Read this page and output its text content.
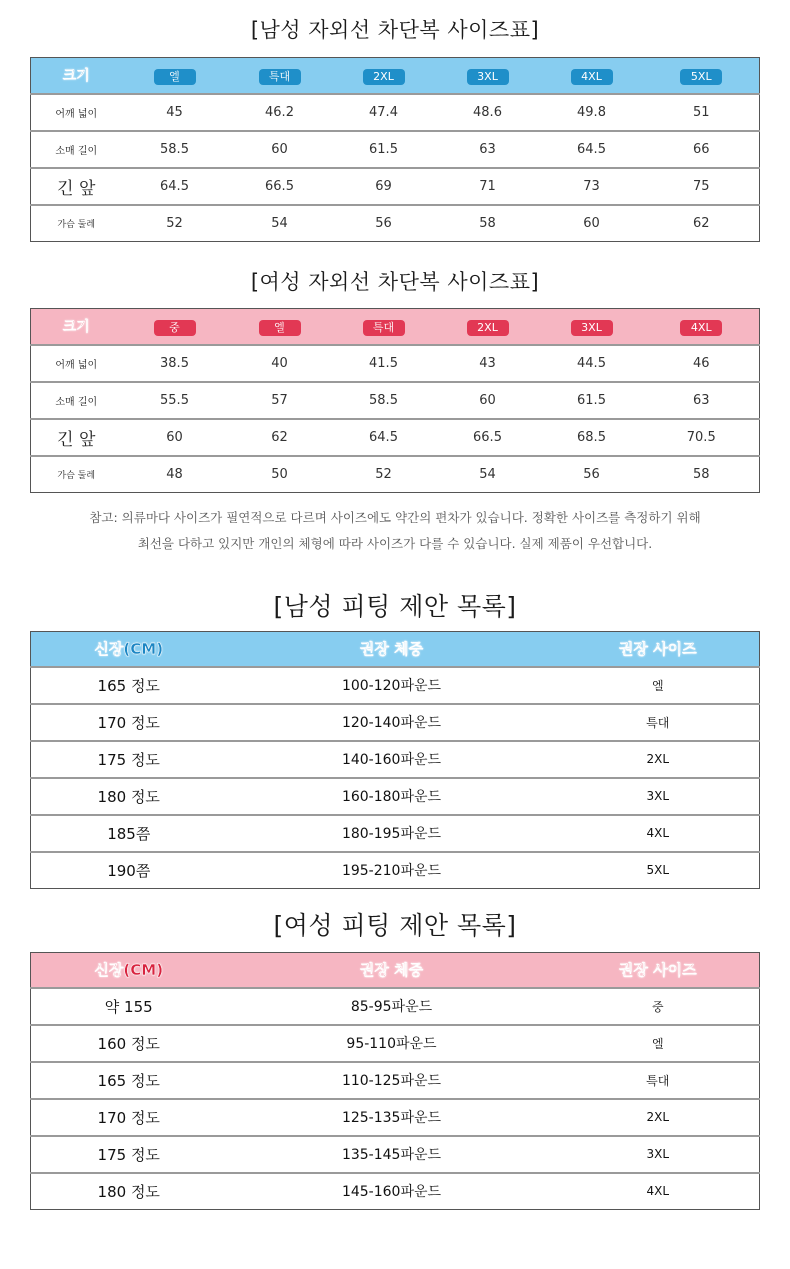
[남성 자외선 차단복 사이즈표]
크기	엘	특대	2XL	3XL	4XL	5XL
어깨 넓이	45	46.2	47.4	48.6	49.8	51
소매 길이	58.5	60	61.5	63	64.5	66
긴 앞	64.5	66.5	69	71	73	75
가슴 둘레	52	54	56	58	60	62
[여성 자외선 차단복 사이즈표]
크기	중	엘	특대	2XL	3XL	4XL
어깨 넓이	38.5	40	41.5	43	44.5	46
소매 길이	55.5	57	58.5	60	61.5	63
긴 앞	60	62	64.5	66.5	68.5	70.5
가슴 둘레	48	50	52	54	56	58
참고: 의류마다 사이즈가 필연적으로 다르며 사이즈에도 약간의 편차가 있습니다. 정확한 사이즈를 측정하기 위해
최선을 다하고 있지만 개인의 체형에 따라 사이즈가 다를 수 있습니다. 실제 제품이 우선합니다.
[남성 피팅 제안 목록]
신장(CM)	권장 체중	권장 사이즈
165 정도	100-120파운드	엘
170 정도	120-140파운드	특대
175 정도	140-160파운드	2XL
180 정도	160-180파운드	3XL
185쯤	180-195파운드	4XL
190쯤	195-210파운드	5XL
[여성 피팅 제안 목록]
신장(CM)	권장 체중	권장 사이즈
약 155	85-95파운드	중
160 정도	95-110파운드	엘
165 정도	110-125파운드	특대
170 정도	125-135파운드	2XL
175 정도	135-145파운드	3XL
180 정도	145-160파운드	4XL
